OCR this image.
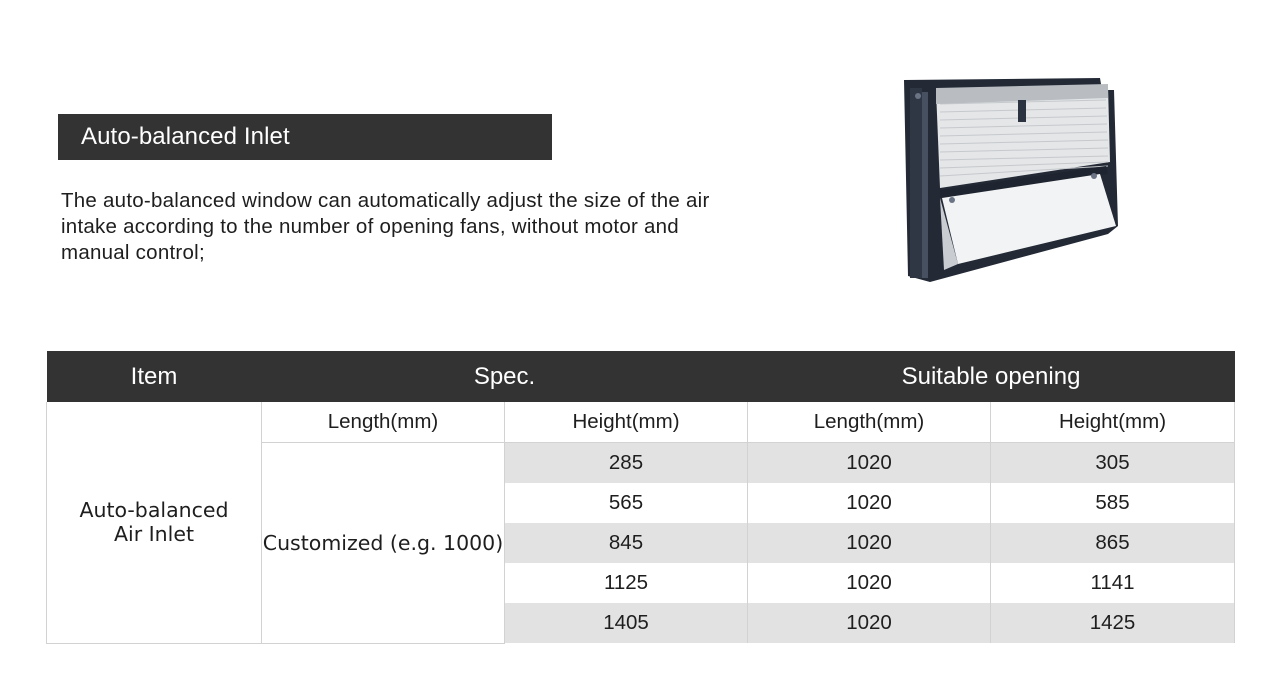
Auto-balanced Inlet
The auto-balanced window can automatically adjust the size of the air intake according to the number of opening fans, without motor and manual control;
Item	Spec.		Suitable opening	

Auto-balanced
Air Inlet	Length(mm)	Height(mm)	Length(mm)	Height(mm)
	Customized (e.g. 1000)	285	1020	305
		565	1020	585
		845	1020	865
		1125	1020	1141
		1405	1020	1425
